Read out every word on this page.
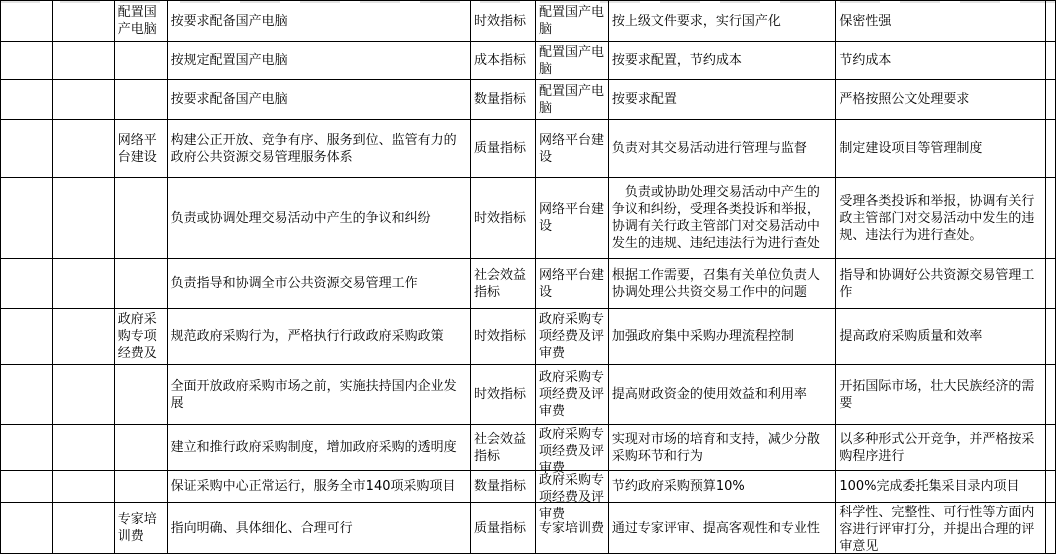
		配置国产电脑	按要求配备国产电脑	时效指标	配置国产电脑	按上级文件要求，实行国产化	保密性强	

			按规定配置国产电脑	成本指标	配置国产电脑	按要求配置，节约成本	节约成本	

			按要求配备国产电脑	数量指标	配置国产电脑	按要求配置	严格按照公文处理要求	

		网络平台建设	构建公正开放、竞争有序、服务到位、监管有力的政府公共资源交易管理服务体系	质量指标	网络平台建设	负责对其交易活动进行管理与监督	制定建设项目等管理制度	

			负责或协调处理交易活动中产生的争议和纠纷	时效指标	网络平台建设	　负责或协助处理交易活动中产生的争议和纠纷，受理各类投诉和举报，协调有关行政主管部门对交易活动中发生的违规、违纪违法行为进行查处	受理各类投诉和举报，协调有关行政主管部门对交易活动中发生的违规、违法行为进行查处。	

			负责指导和协调全市公共资源交易管理工作	社会效益指标	网络平台建设	根据工作需要，召集有关单位负责人协调处理公共资交易工作中的问题	指导和协调好公共资源交易管理工作	

		政府采购专项经费及	规范政府采购行为，严格执行行政政府采购政策	时效指标	政府采购专项经费及评审费	加强政府集中采购办理流程控制	提高政府采购质量和效率	

			全面开放政府采购市场之前，实施扶持国内企业发展	时效指标	政府采购专项经费及评审费	提高财政资金的使用效益和利用率	开拓国际市场，壮大民族经济的需要	

			建立和推行政府采购制度，增加政府采购的透明度	社会效益指标	政府采购专项经费及评审费	实现对市场的培育和支持，减少分散采购环节和行为	以多种形式公开竞争，并严格按采购程序进行	

			保证采购中心正常运行，服务全市140项采购项目	数量指标	政府采购专项经费及评审费	节约政府采购预算10%	100%完成委托集采目录内项目	

		专家培训费	指向明确、具体细化、合理可行	质量指标	专家培训费	通过专家评审、提高客观性和专业性	科学性、完整性、可行性等方面内容进行评审打分，并提出合理的评审意见	
